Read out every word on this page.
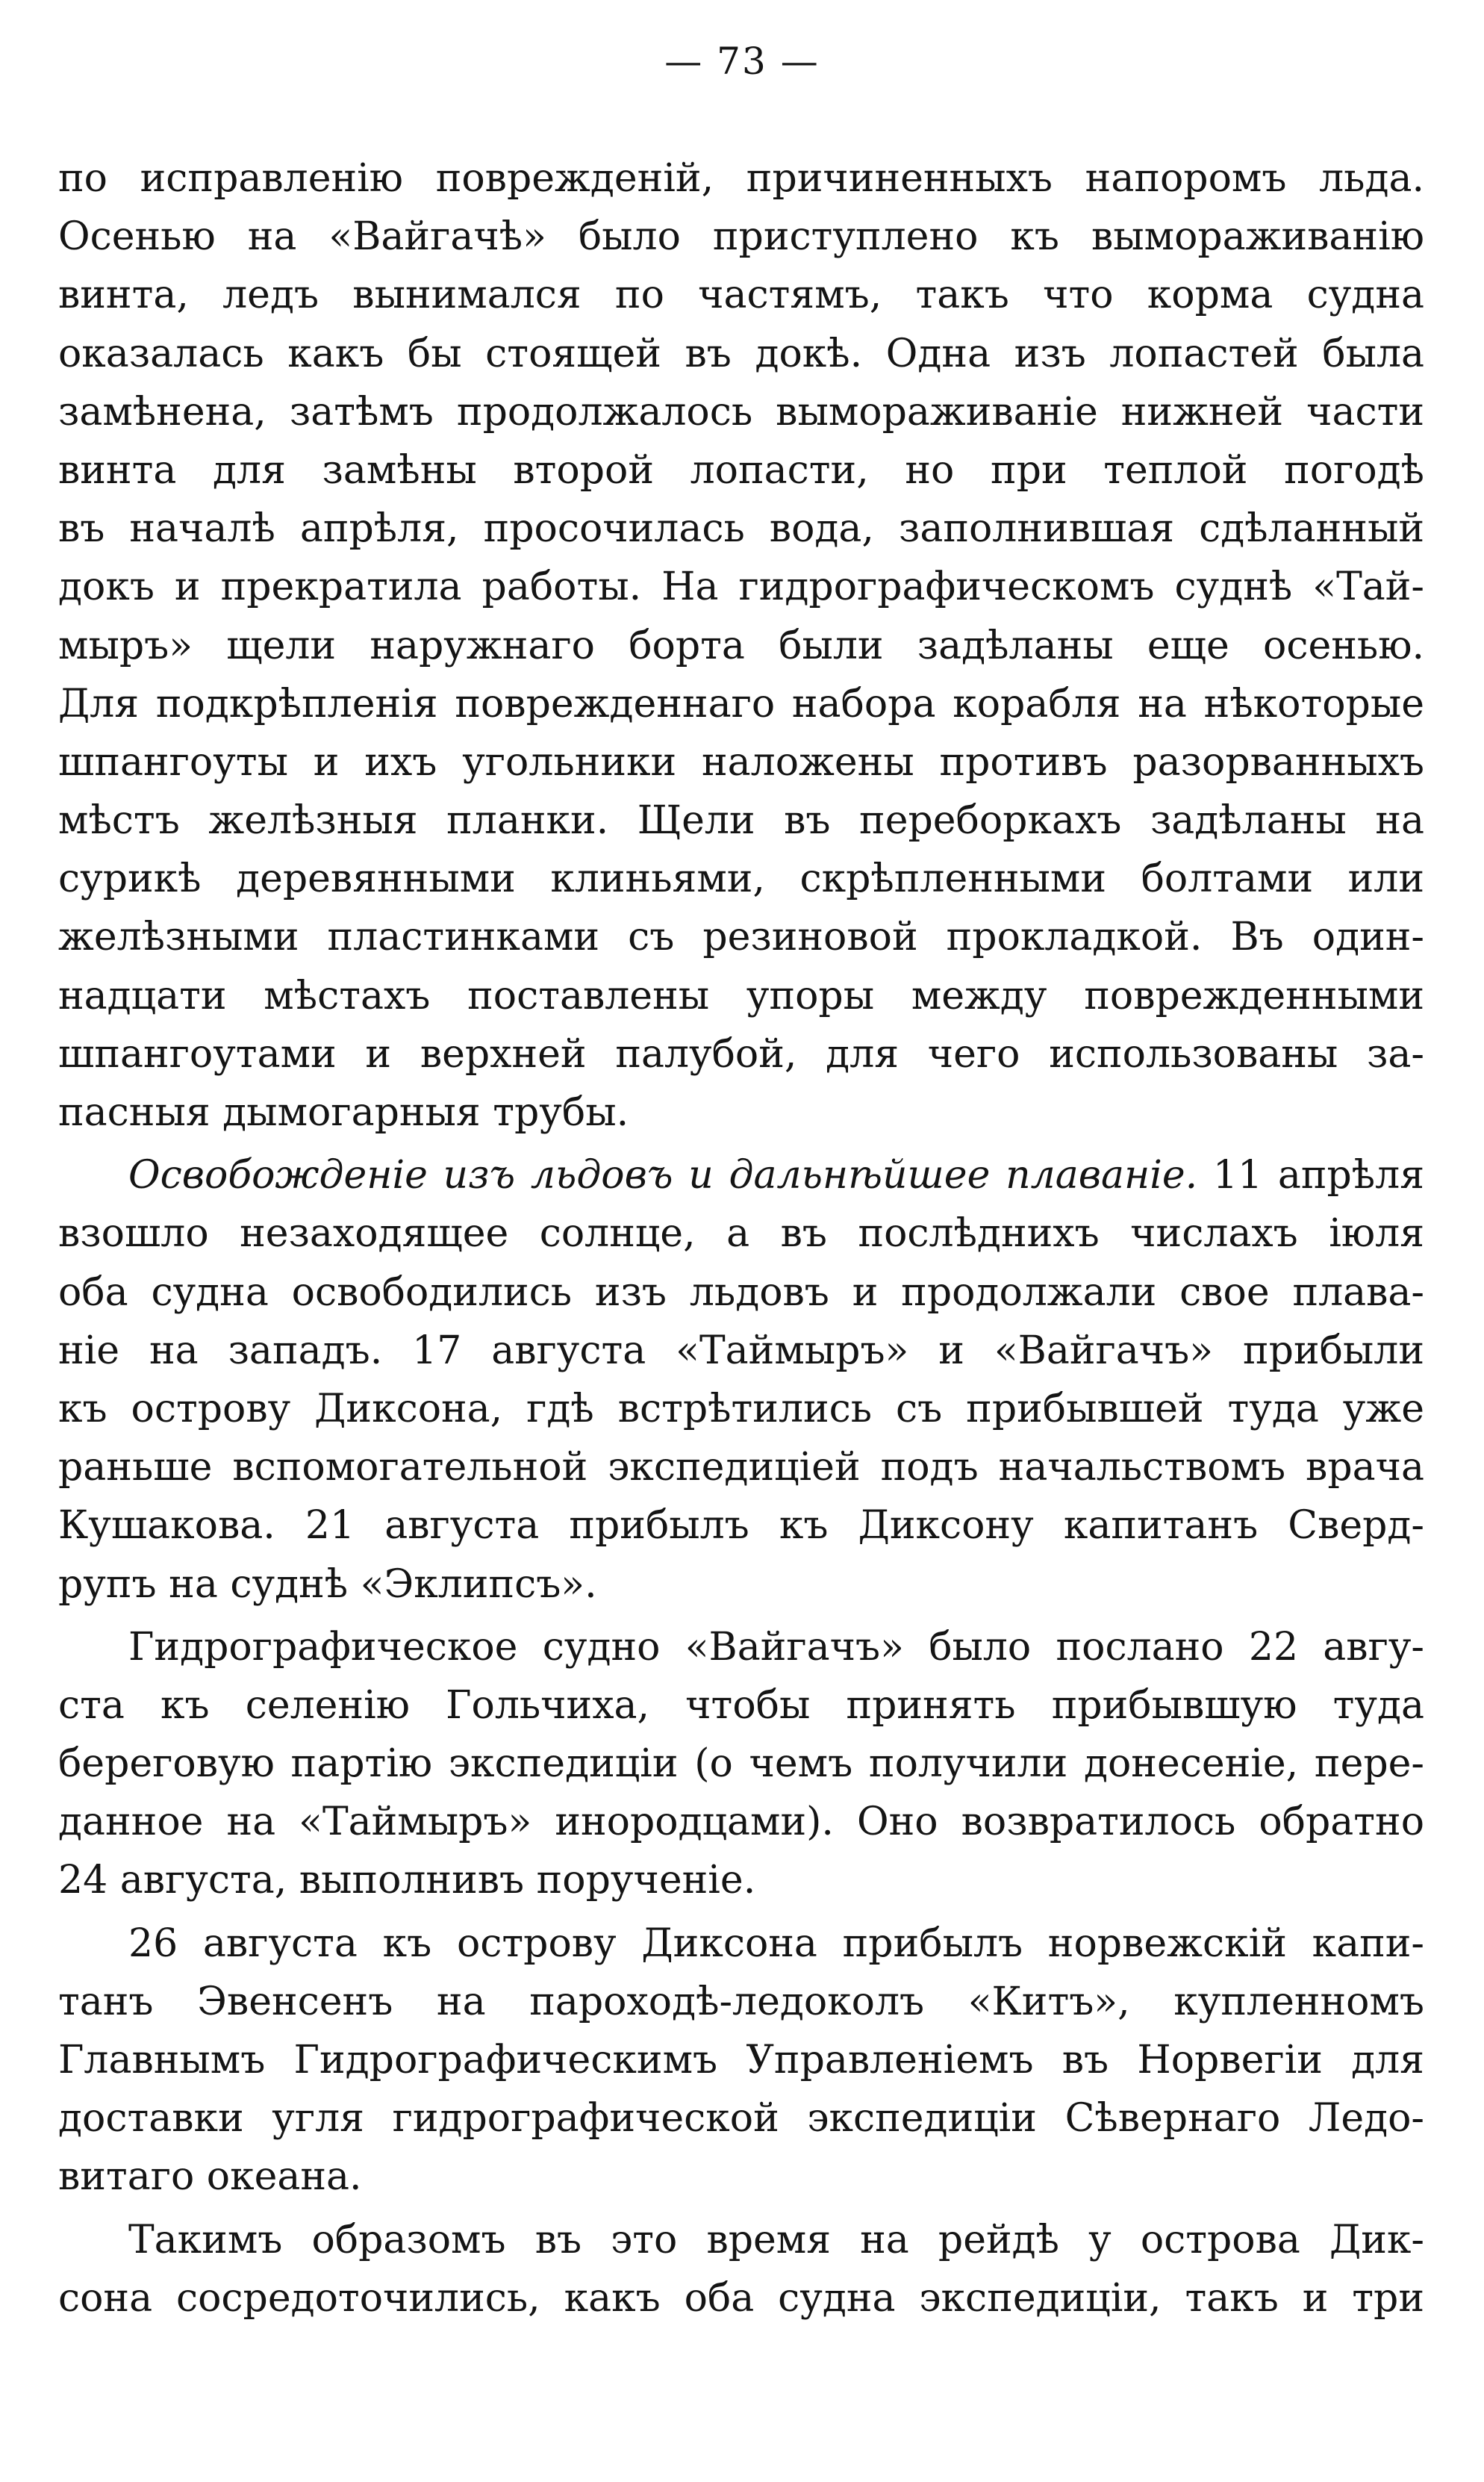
— 73 —
по исправленію поврежденій, причиненныхъ напоромъ льда.
Осенью на «Вайгачѣ» было приступлено къ вымораживанію
винта, ледъ вынимался по частямъ, такъ что корма судна
оказалась какъ бы стоящей въ докѣ. Одна изъ лопастей была
замѣнена, затѣмъ продолжалось вымораживаніе нижней части
винта для замѣны второй лопасти, но при теплой погодѣ
въ началѣ апрѣля, просочилась вода, заполнившая сдѣланный
докъ и прекратила работы. На гидрографическомъ суднѣ «Тай-
мыръ» щели наружнаго борта были задѣланы еще осенью.
Для подкрѣпленія поврежденнаго набора корабля на нѣкоторые
шпангоуты и ихъ угольники наложены противъ разорванныхъ
мѣстъ желѣзныя планки. Щели въ переборкахъ задѣланы на
сурикѣ деревянными клиньями, скрѣпленными болтами или
желѣзными пластинками съ резиновой прокладкой. Въ один-
надцати мѣстахъ поставлены упоры между поврежденными
шпангоутами и верхней палубой, для чего использованы за-
пасныя дымогарныя трубы.
Освобожденіе изъ льдовъ и дальнѣйшее плаваніе. 11 апрѣля
взошло незаходящее солнце, а въ послѣднихъ числахъ іюля
оба судна освободились изъ льдовъ и продолжали свое плава-
ніе на западъ. 17 августа «Таймыръ» и «Вайгачъ» прибыли
къ острову Диксона, гдѣ встрѣтились съ прибывшей туда уже
раньше вспомогательной экспедиціей подъ начальствомъ врача
Кушакова. 21 августа прибылъ къ Диксону капитанъ Сверд-
рупъ на суднѣ «Эклипсъ».
Гидрографическое судно «Вайгачъ» было послано 22 авгу-
ста къ селенію Гольчиха, чтобы принять прибывшую туда
береговую партію экспедиціи (о чемъ получили донесеніе, пере-
данное на «Таймыръ» инородцами). Оно возвратилось обратно
24 августа, выполнивъ порученіе.
26 августа къ острову Диксона прибылъ норвежскій капи-
танъ Эвенсенъ на пароходѣ-ледоколъ «Китъ», купленномъ
Главнымъ Гидрографическимъ Управленіемъ въ Норвегіи для
доставки угля гидрографической экспедиціи Сѣвернаго Ледо-
витаго океана.
Такимъ образомъ въ это время на рейдѣ у острова Дик-
сона сосредоточились, какъ оба судна экспедиціи, такъ и три
